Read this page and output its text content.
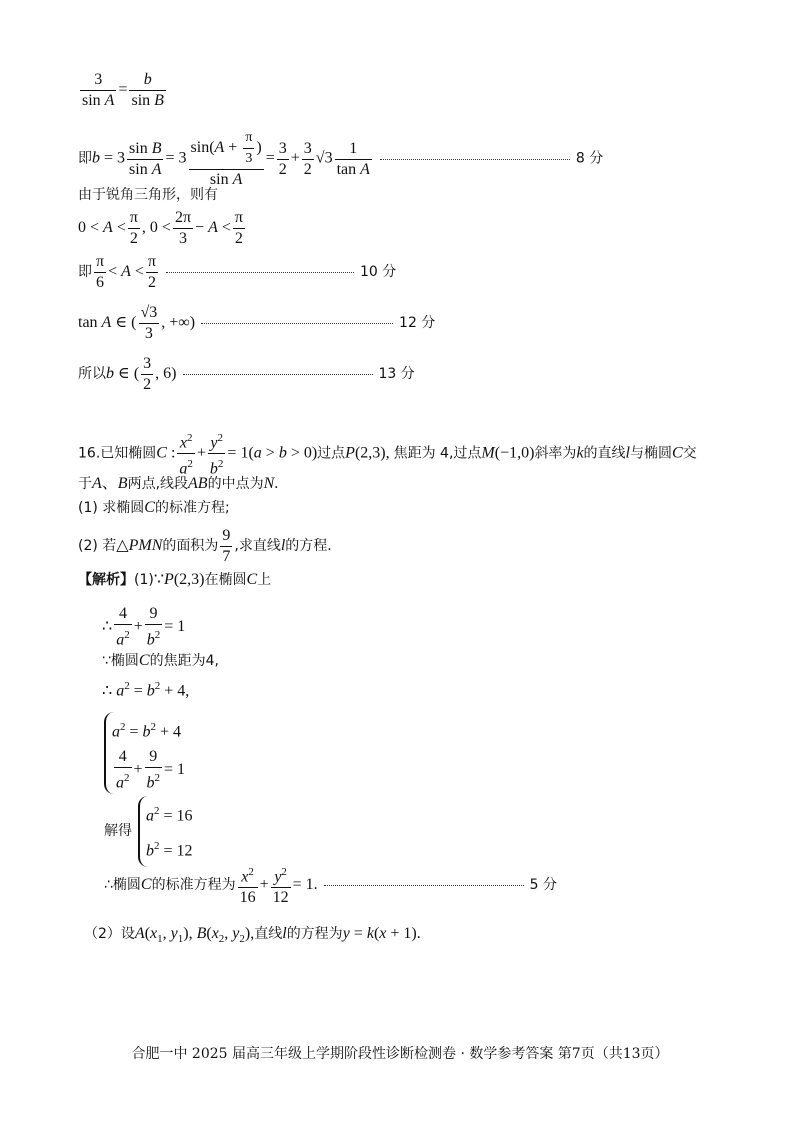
$\frac{3}{\text{sin A}} = \frac{b}{\text{sin B}}$
即$b = 3 \frac{\text{sin B}}{\text{sin A}} = 3 \frac{\sin(A + \frac{\pi}{3} )}{\text{sin A}} = \frac{3}{2} + \frac{3}{2} √3 \frac{1}{\text{tan A}}$	8 分
由于锐角三角形，则有
$0 < A < \frac{\pi}{2}$ , $0 < \frac{2\pi}{3} - A < \frac{\pi}{2}$
即 $\frac{\pi}{6} < A < \frac{\pi}{2}$	10 分
tan A ∈ ( $\frac{√3}{3}$ , +∞)	12 分
所以b ∈ ( $\frac{3}{2}$ , 6)	13 分
16.已知椭圆C : $\frac{x^2}{a^2} + \frac{y^2}{b^2} = 1(a > b > 0)$过点P(2,3), 焦距为 4,过点M(−1,0)斜率为k的直线l与椭圆C交
于A、B两点,线段AB的中点为N.
(1) 求椭圆C的标准方程;
(2) 若△PMN的面积为 $\frac{9}{7}$ ,求直线l的方程.
【解析】(1)∵P(2,3)在椭圆C上
∴ $\frac{4}{a^2} + \frac{9}{b^2} = 1$
∵椭圆C的焦距为4,
∴ $a^2 = b^2 + 4$,
$a^2 = b^2 + 4$
$\frac{4}{a^2} + \frac{9}{b^2} = 1$
解得
$a^2 = 16$
$b^2 = 12$
∴椭圆C的标准方程为 $\frac{x^2}{16} + \frac{y^2}{12} = 1$.	5 分
（2）设$A(x_1$, $y_1$), $B(x_2$, $y_2$),直线l的方程为y = k(x + 1).
合肥一中 2025 届高三年级上学期阶段性诊断检测卷 · 数学参考答案 第7页（共13页）
